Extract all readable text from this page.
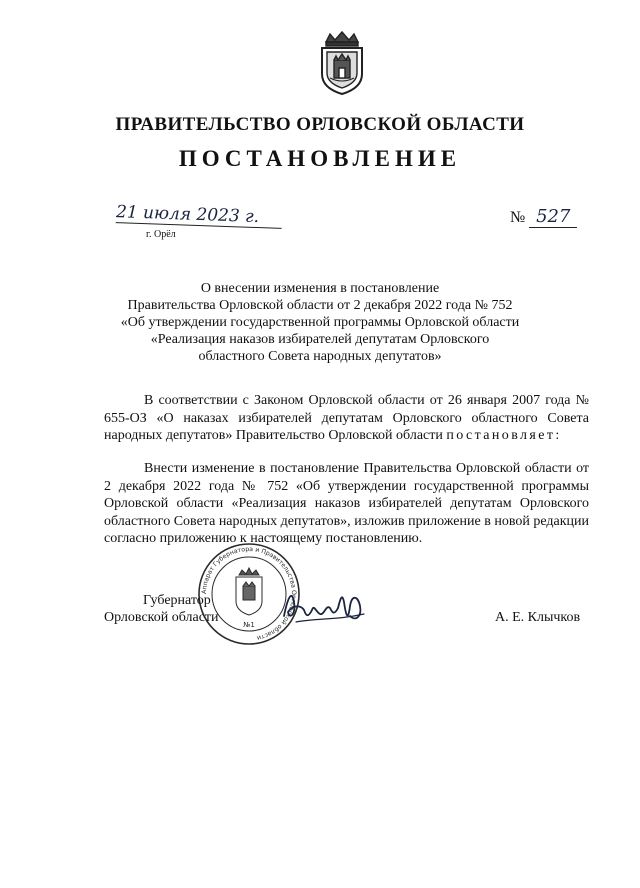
ПРАВИТЕЛЬСТВО ОРЛОВСКОЙ ОБЛАСТИ
ПОСТАНОВЛЕНИЕ
21 июля 2023 г.
г. Орёл
№ 527
О внесении изменения в постановление
Правительства Орловской области от 2 декабря 2022 года № 752
«Об утверждении государственной программы Орловской области
«Реализация наказов избирателей депутатам Орловского
областного Совета народных депутатов»

В соответствии с Законом Орловской области от 26 января 2007 года № 655-ОЗ «О наказах избирателей депутатам Орловского областного Совета народных депутатов» Правительство Орловской области постановляет:

Внести изменение в постановление Правительства Орловской области от 2 декабря 2022 года № 752 «Об утверждении государственной программы Орловской области «Реализация наказов избирателей депутатам Орловского областного Совета народных депутатов», изложив приложение в новой редакции согласно приложению к настоящему постановлению.

Аппарат Губернатора и Правительства Орловской области
№1
Губернатор
Орловской области	А. Е. Клычков
